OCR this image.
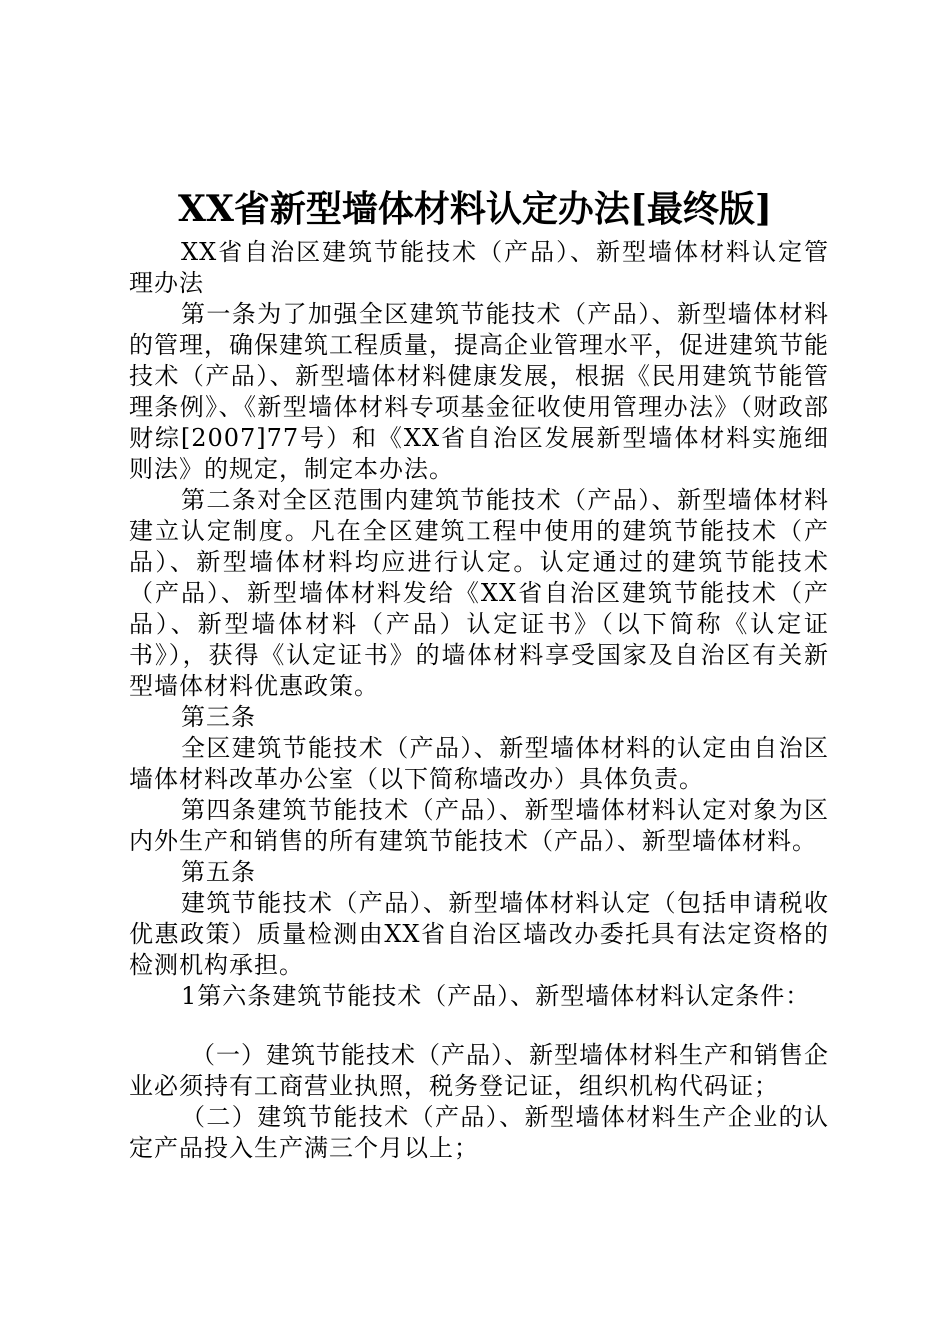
XX省新型墙体材料认定办法[最终版]

XX省自治区建筑节能技术（产品）、新型墙体材料认定管理办法

第一条为了加强全区建筑节能技术（产品）、新型墙体材料的管理，确保建筑工程质量，提高企业管理水平，促进建筑节能技术（产品）、新型墙体材料健康发展，根据《民用建筑节能管理条例》、《新型墙体材料专项基金征收使用管理办法》（财政部财综[2007]77号）和《XX省自治区发展新型墙体材料实施细则法》的规定，制定本办法。

第二条对全区范围内建筑节能技术（产品）、新型墙体材料建立认定制度。凡在全区建筑工程中使用的建筑节能技术（产品）、新型墙体材料均应进行认定。认定通过的建筑节能技术（产品）、新型墙体材料发给《XX省自治区建筑节能技术（产品）、新型墙体材料（产品）认定证书》（以下简称《认定证书》），获得《认定证书》的墙体材料享受国家及自治区有关新型墙体材料优惠政策。

第三条

全区建筑节能技术（产品）、新型墙体材料的认定由自治区墙体材料改革办公室（以下简称墙改办）具体负责。

第四条建筑节能技术（产品）、新型墙体材料认定对象为区内外生产和销售的所有建筑节能技术（产品）、新型墙体材料。

第五条

建筑节能技术（产品）、新型墙体材料认定（包括申请税收优惠政策）质量检测由XX省自治区墙改办委托具有法定资格的检测机构承担。

1第六条建筑节能技术（产品）、新型墙体材料认定条件：

（一）建筑节能技术（产品）、新型墙体材料生产和销售企业必须持有工商营业执照，税务登记证，组织机构代码证；

（二）建筑节能技术（产品）、新型墙体材料生产企业的认定产品投入生产满三个月以上；
